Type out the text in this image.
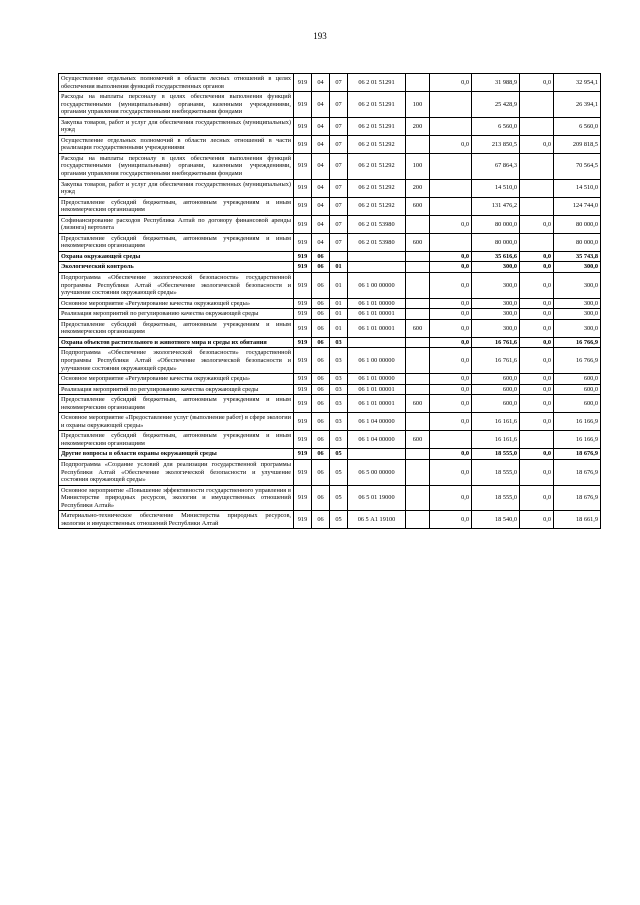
193
Осуществление отдельных полномочий в области лесных отношений в целях обеспечения выполнения функций государственных органов	919	04	07	06 2 01 51291		0,0	31 988,9	0,0	32 954,1
Расходы на выплаты персоналу в целях обеспечения выполнения функций государственными (муниципальными) органами, казенными учреждениями, органами управления государственными внебюджетными фондами	919	04	07	06 2 01 51291	100		25 428,9		26 394,1
Закупка товаров, работ и услуг для обеспечения государственных (муниципальных) нужд	919	04	07	06 2 01 51291	200		6 560,0		6 560,0
Осуществление отдельных полномочий в области лесных отношений в части реализации государственными учреждениями	919	04	07	06 2 01 51292		0,0	213 850,5	0,0	209 818,5
Расходы на выплаты персоналу в целях обеспечения выполнения функций государственными (муниципальными) органами, казенными учреждениями, органами управления государственными внебюджетными фондами	919	04	07	06 2 01 51292	100		67 864,3		70 564,5
Закупка товаров, работ и услуг для обеспечения государственных (муниципальных) нужд	919	04	07	06 2 01 51292	200		14 510,0		14 510,0
Предоставление субсидий бюджетным, автономным учреждениям и иным некоммерческим организациям	919	04	07	06 2 01 51292	600		131 476,2		124 744,0
Софинансирование расходов Республика Алтай по договору финансовой аренды (лизинга) вертолета	919	04	07	06 2 01 53980		0,0	80 000,0	0,0	80 000,0
Предоставление субсидий бюджетным, автономным учреждениям и иным некоммерческим организациям	919	04	07	06 2 01 53980	600		80 000,0		80 000,0
Охрана окружающей среды	919	06				0,0	35 616,6	0,0	35 743,8
Экологический контроль	919	06	01			0,0	300,0	0,0	300,0
Подпрограмма «Обеспечение экологической безопасности» государственной программы Республики Алтай «Обеспечение экологической безопасности и улучшение состояния окружающей среды»	919	06	01	06 1 00 00000		0,0	300,0	0,0	300,0
Основное мероприятие «Регулирование качества окружающей среды»	919	06	01	06 1 01 00000		0,0	300,0	0,0	300,0
Реализация мероприятий по регулированию качества окружающей среды	919	06	01	06 1 01 00001		0,0	300,0	0,0	300,0
Предоставление субсидий бюджетным, автономным учреждениям и иным некоммерческим организациям	919	06	01	06 1 01 00001	600	0,0	300,0	0,0	300,0
Охрана объектов растительного и животного мира и среды их обитания	919	06	03			0,0	16 761,6	0,0	16 766,9
Подпрограмма «Обеспечение экологической безопасности» государственной программы Республики Алтай «Обеспечение экологической безопасности и улучшение состояния окружающей среды»	919	06	03	06 1 00 00000		0,0	16 761,6	0,0	16 766,9
Основное мероприятие «Регулирование качества окружающей среды»	919	06	03	06 1 01 00000		0,0	600,0	0,0	600,0
Реализация мероприятий по регулированию качества окружающей среды	919	06	03	06 1 01 00001		0,0	600,0	0,0	600,0
Предоставление субсидий бюджетным, автономным учреждениям и иным некоммерческим организациям	919	06	03	06 1 01 00001	600	0,0	600,0	0,0	600,0
Основное мероприятие «Предоставление услуг (выполнение работ) в сфере экологии и охраны окружающей среды»	919	06	03	06 1 04 00000		0,0	16 161,6	0,0	16 166,9
Предоставление субсидий бюджетным, автономным учреждениям и иным некоммерческим организациям	919	06	03	06 1 04 00000	600		16 161,6		16 166,9
Другие вопросы в области охраны окружающей среды	919	06	05			0,0	18 555,0	0,0	18 676,9
Подпрограмма «Создание условий для реализации государственной программы Республики Алтай «Обеспечение экологической безопасности и улучшение состояния окружающей среды»	919	06	05	06 5 00 00000		0,0	18 555,0	0,0	18 676,9
Основное мероприятие «Повышение эффективности государственного управления в Министерстве природных ресурсов, экологии и имущественных отношений Республики Алтай»	919	06	05	06 5 01 19000		0,0	18 555,0	0,0	18 676,9
Материально-техническое обеспечение Министерства природных ресурсов, экологии и имущественных отношений Республики Алтай	919	06	05	06 5 А1 19100		0,0	18 540,0	0,0	18 661,9
